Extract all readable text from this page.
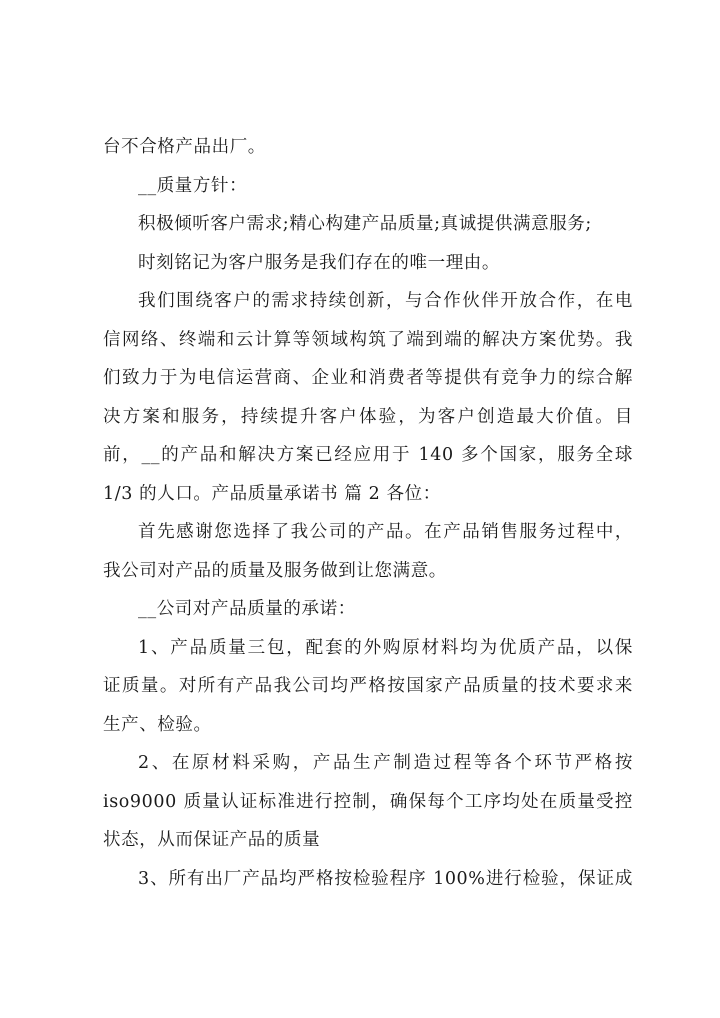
台不合格产品出厂。
__质量方针：
积极倾听客户需求;精心构建产品质量;真诚提供满意服务;
时刻铭记为客户服务是我们存在的唯一理由。
我们围绕客户的需求持续创新，与合作伙伴开放合作，在电
信网络、终端和云计算等领域构筑了端到端的解决方案优势。我
们致力于为电信运营商、企业和消费者等提供有竞争力的综合解
决方案和服务，持续提升客户体验，为客户创造最大价值。目
前，__的产品和解决方案已经应用于 140 多个国家，服务全球
1/3 的人口。产品质量承诺书 篇 2 各位：
首先感谢您选择了我公司的产品。在产品销售服务过程中，
我公司对产品的质量及服务做到让您满意。
__公司对产品质量的承诺：
1、产品质量三包，配套的外购原材料均为优质产品，以保
证质量。对所有产品我公司均严格按国家产品质量的技术要求来
生产、检验。
2、在原材料采购，产品生产制造过程等各个环节严格按
iso9000 质量认证标准进行控制，确保每个工序均处在质量受控
状态，从而保证产品的质量
3、所有出厂产品均严格按检验程序 100%进行检验，保证成
